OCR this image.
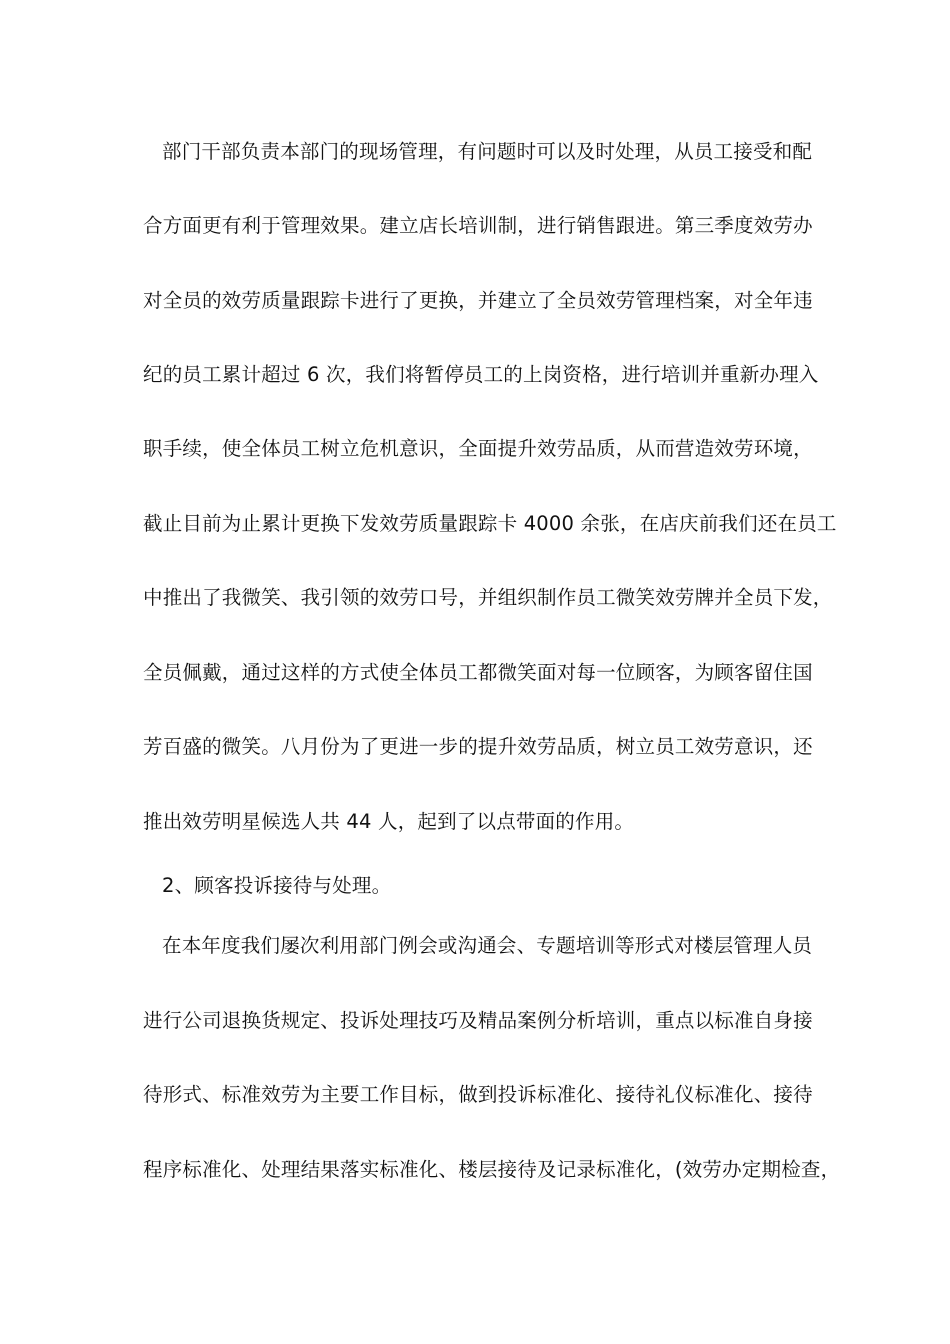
部门干部负责本部门的现场管理，有问题时可以及时处理，从员工接受和配
合方面更有利于管理效果。建立店长培训制，进行销售跟进。第三季度效劳办
对全员的效劳质量跟踪卡进行了更换，并建立了全员效劳管理档案，对全年违
纪的员工累计超过 6 次，我们将暂停员工的上岗资格，进行培训并重新办理入
职手续，使全体员工树立危机意识，全面提升效劳品质，从而营造效劳环境，
截止目前为止累计更换下发效劳质量跟踪卡 4000 余张，在店庆前我们还在员工
中推出了我微笑、我引领的效劳口号，并组织制作员工微笑效劳牌并全员下发，
全员佩戴，通过这样的方式使全体员工都微笑面对每一位顾客，为顾客留住国
芳百盛的微笑。八月份为了更进一步的提升效劳品质，树立员工效劳意识，还
推出效劳明星候选人共 44 人，起到了以点带面的作用。
2、顾客投诉接待与处理。
在本年度我们屡次利用部门例会或沟通会、专题培训等形式对楼层管理人员
进行公司退换货规定、投诉处理技巧及精品案例分析培训，重点以标准自身接
待形式、标准效劳为主要工作目标，做到投诉标准化、接待礼仪标准化、接待
程序标准化、处理结果落实标准化、楼层接待及记录标准化，(效劳办定期检查，
